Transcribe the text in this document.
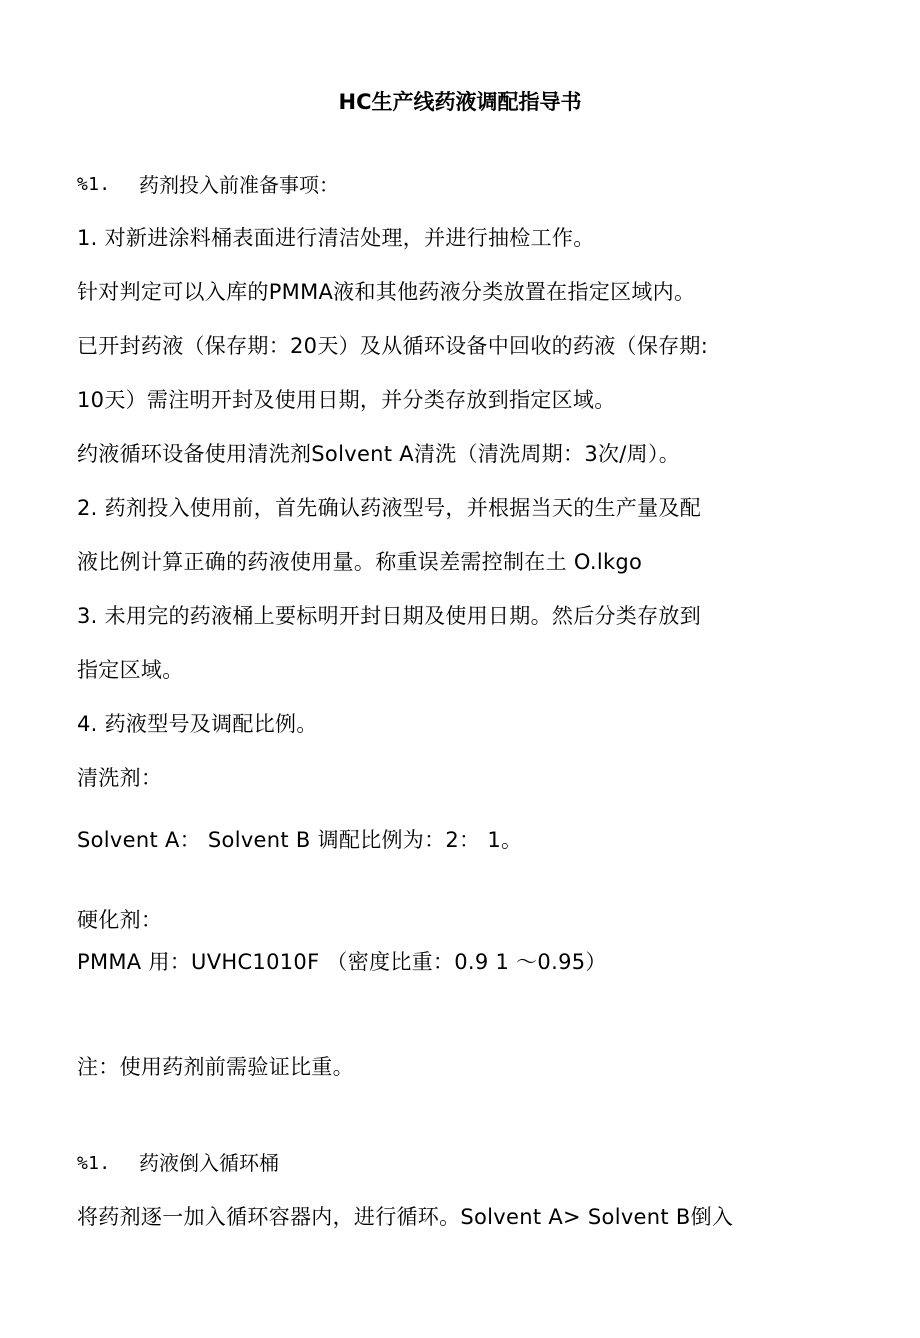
HC生产线药液调配指导书
%1. 药剂投入前准备事项：
1. 对新进涂料桶表面进行清洁处理，并进行抽检工作。
针对判定可以入库的PMMA液和其他药液分类放置在指定区域内。
已开封药液（保存期：20天）及从循环设备中回收的药液（保存期:
10天）需注明开封及使用日期，并分类存放到指定区域。
约液循环设备使用清洗剂Solvent A清洗（清洗周期：3次/周）。
2. 药剂投入使用前，首先确认药液型号，并根据当天的生产量及配
液比例计算正确的药液使用量。称重误差需控制在土 O.lkgo
3. 未用完的药液桶上要标明开封日期及使用日期。然后分类存放到
指定区域。
4. 药液型号及调配比例。
清洗剂：
Solvent A： Solvent B 调配比例为：2： 1。
硬化剂：
PMMA 用：UVHC1010F （密度比重：0.9 1 ～0.95）
注：使用药剂前需验证比重。
%1. 药液倒入循环桶
将药剂逐一加入循环容器内，进行循环。Solvent A> Solvent B倒入
